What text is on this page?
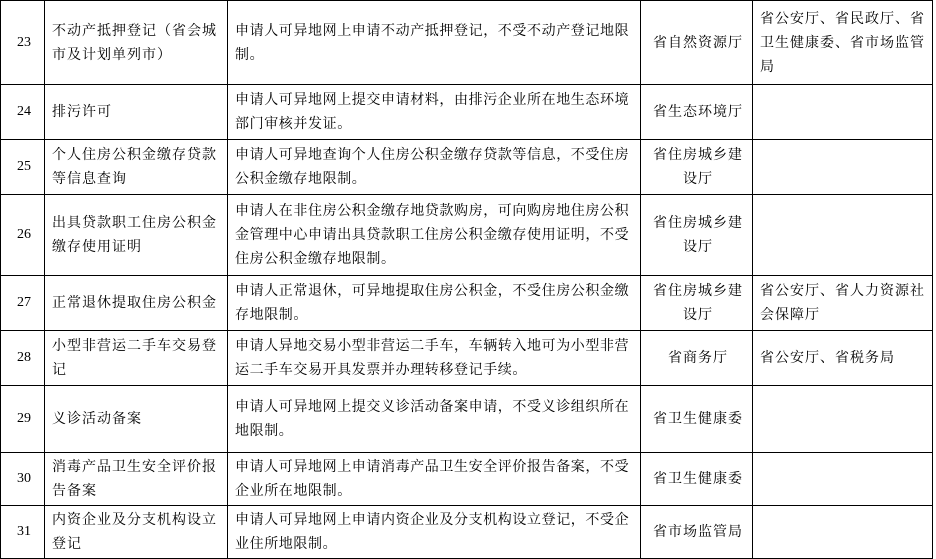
23	不动产抵押登记（省会城市及计划单列市）	申请人可异地网上申请不动产抵押登记，不受不动产登记地限制。	省自然资源厅	省公安厅、省民政厅、省卫生健康委、省市场监管局
24	排污许可	申请人可异地网上提交申请材料，由排污企业所在地生态环境部门审核并发证。	省生态环境厅	
25	个人住房公积金缴存贷款等信息查询	申请人可异地查询个人住房公积金缴存贷款等信息，不受住房公积金缴存地限制。	省住房城乡建设厅	
26	出具贷款职工住房公积金缴存使用证明	申请人在非住房公积金缴存地贷款购房，可向购房地住房公积金管理中心申请出具贷款职工住房公积金缴存使用证明，不受住房公积金缴存地限制。	省住房城乡建设厅	
27	正常退休提取住房公积金	申请人正常退休，可异地提取住房公积金，不受住房公积金缴存地限制。	省住房城乡建设厅	省公安厅、省人力资源社会保障厅
28	小型非营运二手车交易登记	申请人异地交易小型非营运二手车，车辆转入地可为小型非营运二手车交易开具发票并办理转移登记手续。	省商务厅	省公安厅、省税务局
29	义诊活动备案	申请人可异地网上提交义诊活动备案申请，不受义诊组织所在地限制。	省卫生健康委	
30	消毒产品卫生安全评价报告备案	申请人可异地网上申请消毒产品卫生安全评价报告备案，不受企业所在地限制。	省卫生健康委	
31	内资企业及分支机构设立登记	申请人可异地网上申请内资企业及分支机构设立登记，不受企业住所地限制。	省市场监管局	
